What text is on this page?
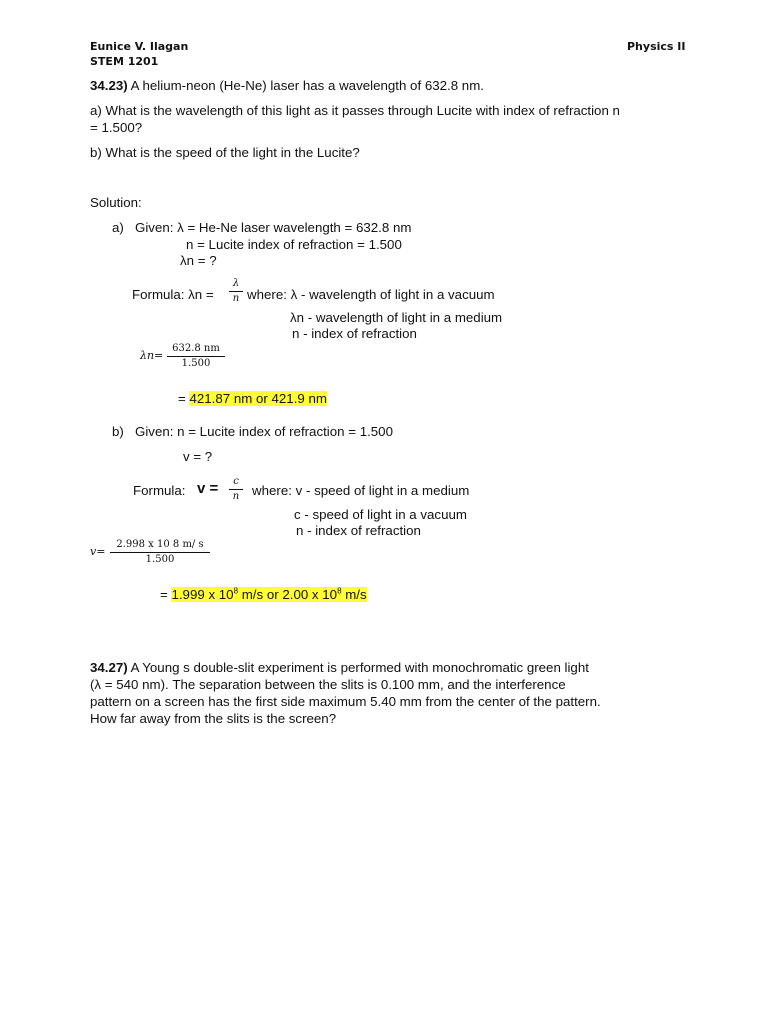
Eunice V. Ilagan
STEM 1201
Physics II
34.23) A helium-neon (He-Ne) laser has a wavelength of 632.8 nm.
a) What is the wavelength of this light as it passes through Lucite with index of refraction n = 1.500?
b) What is the speed of the light in the Lucite?
Solution:
a) Given: λ = He-Ne laser wavelength = 632.8 nm
n = Lucite index of refraction = 1.500
λn = ?
Formula: λn =
λ
n where: λ - wavelength of light in a vacuum
λn - wavelength of light in a medium
n - index of refraction
λn=
632.8 nm
1.500
= 421.87 nm or 421.9 nm
b) Given: n = Lucite index of refraction = 1.500
v = ?
Formula: v =	c
n where: v - speed of light in a medium
c - speed of light in a vacuum
n - index of refraction
v=
2.998 x 10 8 m/ s
1.500
= 1.999 x $10^8$ m/s or 2.00 x $10^8$ m/s
34.27) A Young s double-slit experiment is performed with monochromatic green light
(λ = 540 nm). The separation between the slits is 0.100 mm, and the interference
pattern on a screen has the first side maximum 5.40 mm from the center of the pattern.
How far away from the slits is the screen?
